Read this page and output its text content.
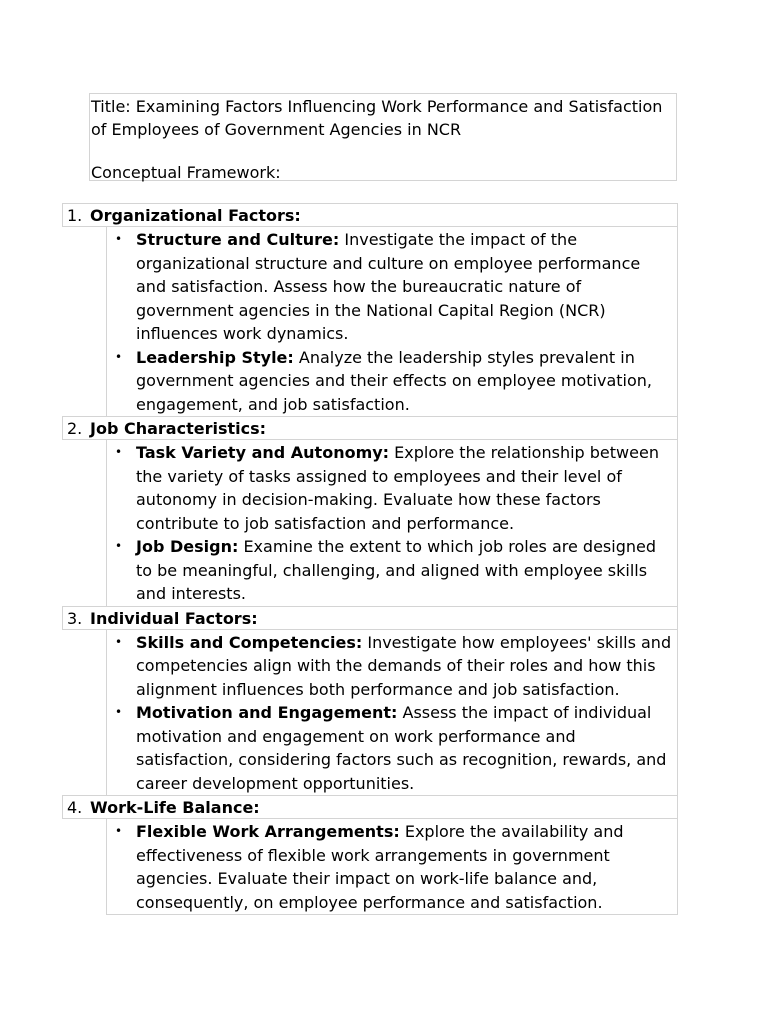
Title: Examining Factors Influencing Work Performance and Satisfaction of Employees of Government Agencies in NCR

Conceptual Framework:

1. Organizational Factors:
• Structure and Culture: Investigate the impact of the organizational structure and culture on employee performance and satisfaction. Assess how the bureaucratic nature of government agencies in the National Capital Region (NCR) influences work dynamics.
• Leadership Style: Analyze the leadership styles prevalent in government agencies and their effects on employee motivation, engagement, and job satisfaction.
2. Job Characteristics:
• Task Variety and Autonomy: Explore the relationship between the variety of tasks assigned to employees and their level of autonomy in decision-making. Evaluate how these factors contribute to job satisfaction and performance.
• Job Design: Examine the extent to which job roles are designed to be meaningful, challenging, and aligned with employee skills and interests.
3. Individual Factors:
• Skills and Competencies: Investigate how employees' skills and competencies align with the demands of their roles and how this alignment influences both performance and job satisfaction.
• Motivation and Engagement: Assess the impact of individual motivation and engagement on work performance and satisfaction, considering factors such as recognition, rewards, and career development opportunities.
4. Work-Life Balance:
• Flexible Work Arrangements: Explore the availability and effectiveness of flexible work arrangements in government agencies. Evaluate their impact on work-life balance and, consequently, on employee performance and satisfaction.
